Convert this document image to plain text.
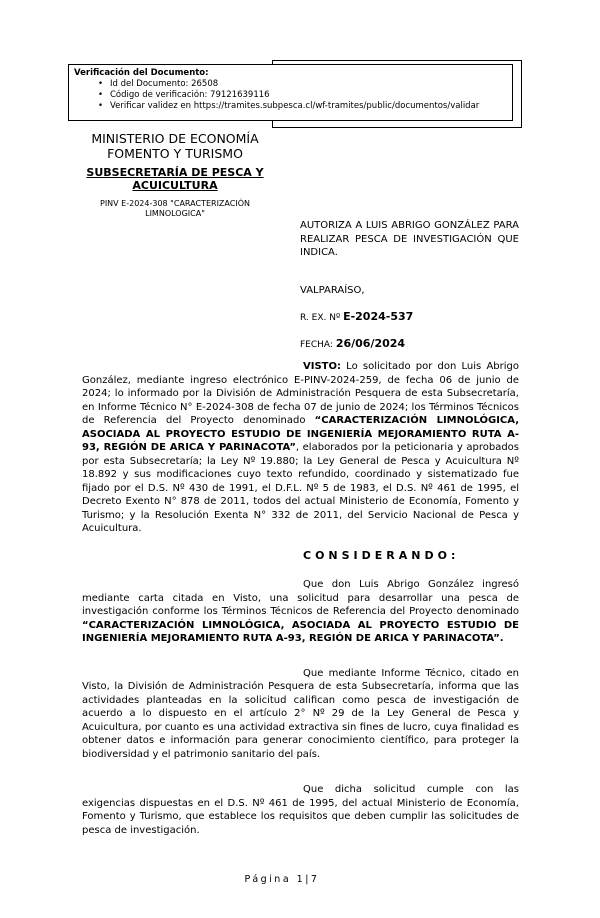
Verificación del Documento:
• Id del Documento: 26508
• Código de verificación: 79121639116
• Verificar validez en https://tramites.subpesca.cl/wf-tramites/public/documentos/validar
MINISTERIO DE ECONOMÍA
FOMENTO Y TURISMO
SUBSECRETARÍA DE PESCA Y ACUICULTURA
PINV E-2024-308 "CARACTERIZACIÓN LIMNOLOGICA"
AUTORIZA A LUIS ABRIGO GONZÁLEZ PARA REALIZAR PESCA DE INVESTIGACIÓN QUE INDICA.
VALPARAÍSO,
R. EX. Nº E-2024-537
FECHA: 26/06/2024

VISTO: Lo solicitado por don Luis Abrigo González, mediante ingreso electrónico E-PINV-2024-259, de fecha 06 de junio de 2024; lo informado por la División de Administración Pesquera de esta Subsecretaría, en Informe Técnico N° E-2024-308 de fecha 07 de junio de 2024; los Términos Técnicos de Referencia del Proyecto denominado “CARACTERIZACIÓN LIMNOLÓGICA, ASOCIADA AL PROYECTO ESTUDIO DE INGENIERÍA MEJORAMIENTO RUTA A-93, REGIÓN DE ARICA Y PARINACOTA”, elaborados por la peticionaria y aprobados por esta Subsecretaría; la Ley Nº 19.880; la Ley General de Pesca y Acuicultura Nº 18.892 y sus modificaciones cuyo texto refundido, coordinado y sistematizado fue fijado por el D.S. Nº 430 de 1991, el D.F.L. Nº 5 de 1983, el D.S. Nº 461 de 1995, el Decreto Exento N° 878 de 2011, todos del actual Ministerio de Economía, Fomento y Turismo; y la Resolución Exenta N° 332 de 2011, del Servicio Nacional de Pesca y Acuicultura.

CONSIDERANDO:

Que don Luis Abrigo González ingresó mediante carta citada en Visto, una solicitud para desarrollar una pesca de investigación conforme los Términos Técnicos de Referencia del Proyecto denominado “CARACTERIZACIÓN LIMNOLÓGICA, ASOCIADA AL PROYECTO ESTUDIO DE INGENIERÍA MEJORAMIENTO RUTA A-93, REGIÓN DE ARICA Y PARINACOTA”.

Que mediante Informe Técnico, citado en Visto, la División de Administración Pesquera de esta Subsecretaría, informa que las actividades planteadas en la solicitud califican como pesca de investigación de acuerdo a lo dispuesto en el artículo 2° Nº 29 de la Ley General de Pesca y Acuicultura, por cuanto es una actividad extractiva sin fines de lucro, cuya finalidad es obtener datos e información para generar conocimiento científico, para proteger la biodiversidad y el patrimonio sanitario del país.

Que dicha solicitud cumple con las exigencias dispuestas en el D.S. Nº 461 de 1995, del actual Ministerio de Economía, Fomento y Turismo, que establece los requisitos que deben cumplir las solicitudes de pesca de investigación.

Página 1|7
